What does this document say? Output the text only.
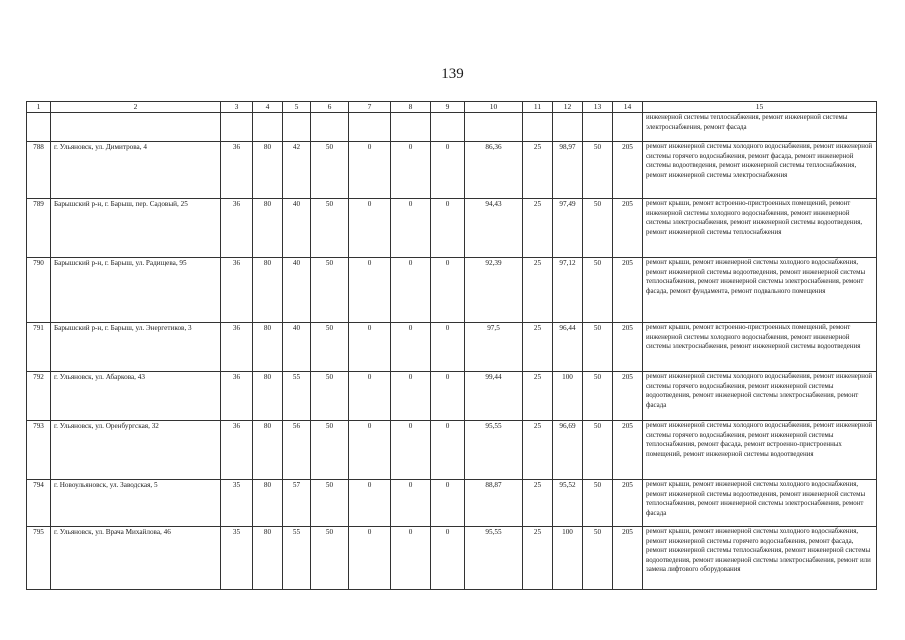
139
1	2	3	4	5	6	7	8	9	10	11	12	13	14	15
														инженерной системы теплоснабжения, ремонт инженерной системы электроснабжения, ремонт фасада
788	г. Ульяновск, ул. Димитрова, 4	36	80	42	50	0	0	0	86,36	25	98,97	50	205	ремонт инженерной системы холодного водоснабжения, ремонт инженерной системы горячего водоснабжения, ремонт фасада, ремонт инженерной системы водоотведения, ремонт инженерной системы теплоснабжения, ремонт инженерной системы электроснабжения
789	Барышский р-н, г. Барыш, пер. Садовый, 25	36	80	40	50	0	0	0	94,43	25	97,49	50	205	ремонт крыши, ремонт встроенно-пристроенных помещений, ремонт инженерной системы холодного водоснабжения, ремонт инженерной системы электроснабжения, ремонт инженерной системы водоотведения, ремонт инженерной системы теплоснабжения
790	Барышский р-н, г. Барыш, ул. Радищева, 95	36	80	40	50	0	0	0	92,39	25	97,12	50	205	ремонт крыши, ремонт инженерной системы холодного водоснабжения, ремонт инженерной системы водоотведения, ремонт инженерной системы теплоснабжения, ремонт инженерной системы электроснабжения, ремонт фасада, ремонт фундамента, ремонт подвального помещения
791	Барышский р-н, г. Барыш, ул. Энергетиков, 3	36	80	40	50	0	0	0	97,5	25	96,44	50	205	ремонт крыши, ремонт встроенно-пристроенных помещений, ремонт инженерной системы холодного водоснабжения, ремонт инженерной системы электроснабжения, ремонт инженерной системы водоотведения
792	г. Ульяновск, ул. Абаркова, 43	36	80	55	50	0	0	0	99,44	25	100	50	205	ремонт инженерной системы холодного водоснабжения, ремонт инженерной системы горячего водоснабжения, ремонт инженерной системы водоотведения, ремонт инженерной системы электроснабжения, ремонт фасада
793	г. Ульяновск, ул. Оренбургская, 32	36	80	56	50	0	0	0	95,55	25	96,69	50	205	ремонт инженерной системы холодного водоснабжения, ремонт инженерной системы горячего водоснабжения, ремонт инженерной системы теплоснабжения, ремонт фасада, ремонт встроенно-пристроенных помещений, ремонт инженерной системы водоотведения
794	г. Новоульяновск, ул. Заводская, 5	35	80	57	50	0	0	0	88,87	25	95,52	50	205	ремонт крыши, ремонт инженерной системы холодного водоснабжения, ремонт инженерной системы водоотведения, ремонт инженерной системы теплоснабжения, ремонт инженерной системы электроснабжения, ремонт фасада
795	г. Ульяновск, ул. Врача Михайлова, 46	35	80	55	50	0	0	0	95,55	25	100	50	205	ремонт крыши, ремонт инженерной системы холодного водоснабжения, ремонт инженерной системы горячего водоснабжения, ремонт фасада, ремонт инженерной системы теплоснабжения, ремонт инженерной системы водоотведения, ремонт инженерной системы электроснабжения, ремонт или замена лифтового оборудования
